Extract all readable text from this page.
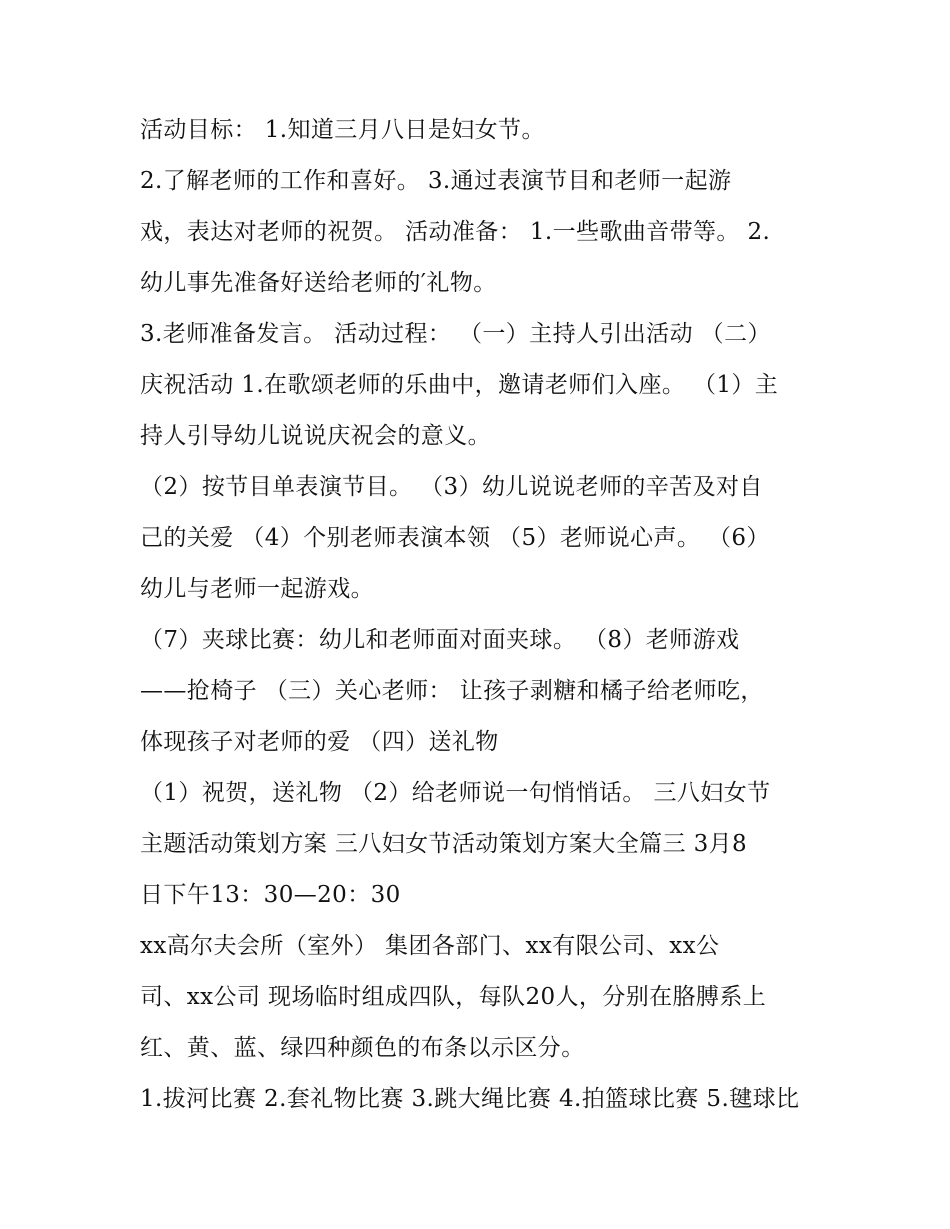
活动目标： 1.知道三月八日是妇女节。
2.了解老师的工作和喜好。 3.通过表演节目和老师一起游
戏，表达对老师的祝贺。 活动准备： 1.一些歌曲音带等。 2.
幼儿事先准备好送给老师的′礼物。
3.老师准备发言。 活动过程： （一）主持人引出活动 （二）
庆祝活动 1.在歌颂老师的乐曲中，邀请老师们入座。 （1）主
持人引导幼儿说说庆祝会的意义。
（2）按节目单表演节目。 （3）幼儿说说老师的辛苦及对自
己的关爱 （4）个别老师表演本领 （5）老师说心声。 （6）
幼儿与老师一起游戏。
（7）夹球比赛：幼儿和老师面对面夹球。 （8）老师游戏
——抢椅子 （三）关心老师： 让孩子剥糖和橘子给老师吃，
体现孩子对老师的爱 （四）送礼物
（1）祝贺，送礼物 （2）给老师说一句悄悄话。 三八妇女节
主题活动策划方案 三八妇女节活动策划方案大全篇三 3月8
日下午13：30—20：30
xx高尔夫会所（室外） 集团各部门、xx有限公司、xx公
司、xx公司 现场临时组成四队，每队20人，分别在胳膊系上
红、黄、蓝、绿四种颜色的布条以示区分。
1.拔河比赛 2.套礼物比赛 3.跳大绳比赛 4.拍篮球比赛 5.毽球比
